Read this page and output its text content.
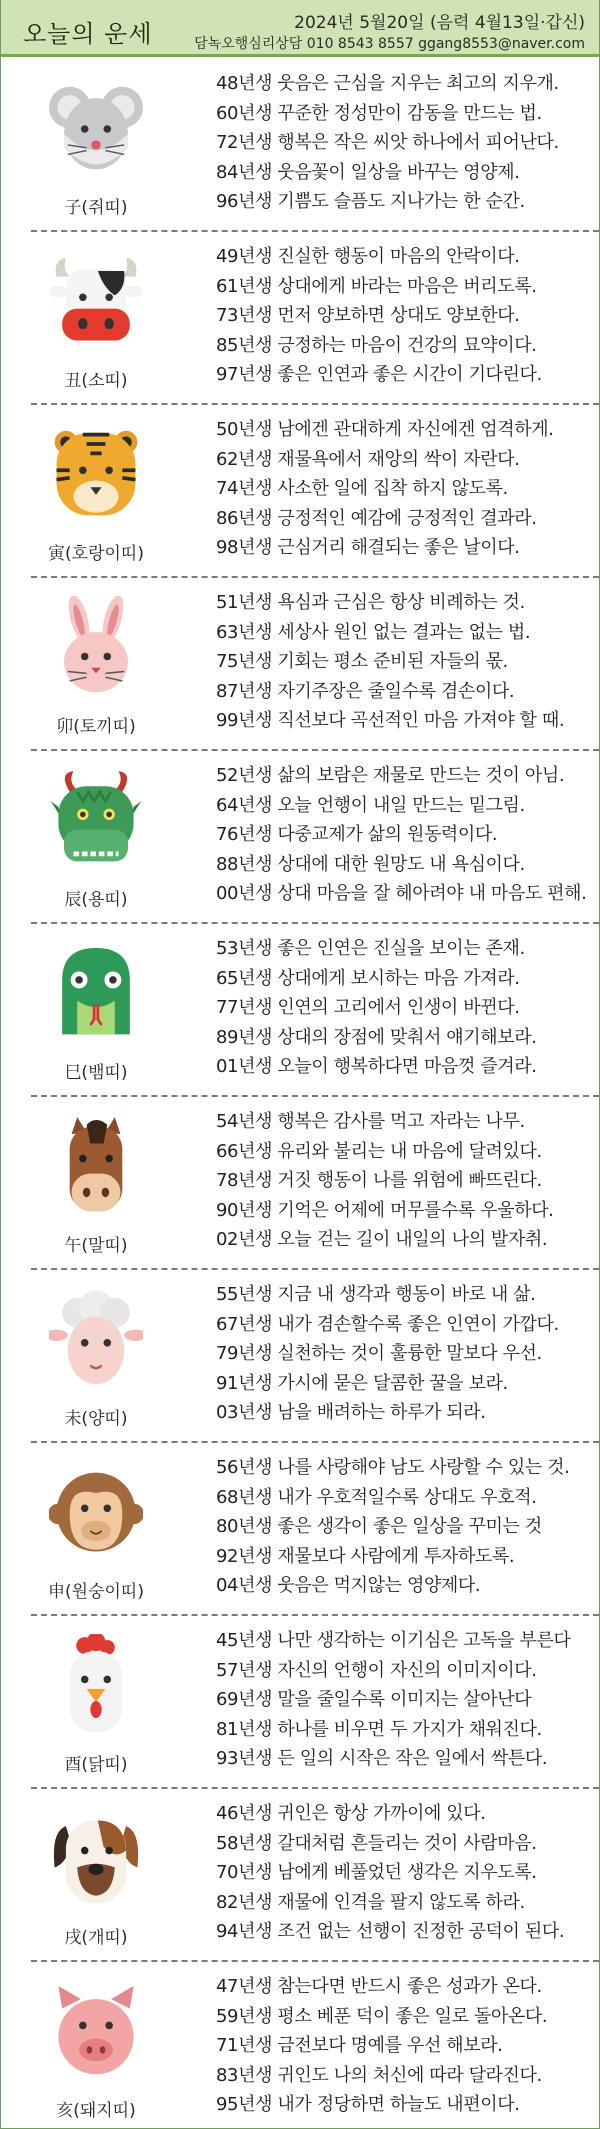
오늘의 운세	2024년 5월20일 (음력 4월13일·갑신)
담녹오행심리상담 010 8543 8557 ggang8553@naver.com
子(쥐띠)
48년생 웃음은 근심을 지우는 최고의 지우개.
60년생 꾸준한 정성만이 감동을 만드는 법.
72년생 행복은 작은 씨앗 하나에서 피어난다.
84년생 웃음꽃이 일상을 바꾸는 영양제.
96년생 기쁨도 슬픔도 지나가는 한 순간.
丑(소띠)
49년생 진실한 행동이 마음의 안락이다.
61년생 상대에게 바라는 마음은 버리도록.
73년생 먼저 양보하면 상대도 양보한다.
85년생 긍정하는 마음이 건강의 묘약이다.
97년생 좋은 인연과 좋은 시간이 기다린다.
寅(호랑이띠)
50년생 남에겐 관대하게 자신에겐 엄격하게.
62년생 재물욕에서 재앙의 싹이 자란다.
74년생 사소한 일에 집착 하지 않도록.
86년생 긍정적인 예감에 긍정적인 결과라.
98년생 근심거리 해결되는 좋은 날이다.
卯(토끼띠)
51년생 욕심과 근심은 항상 비례하는 것.
63년생 세상사 원인 없는 결과는 없는 법.
75년생 기회는 평소 준비된 자들의 몫.
87년생 자기주장은 줄일수록 겸손이다.
99년생 직선보다 곡선적인 마음 가져야 할 때.
辰(용띠)
52년생 삶의 보람은 재물로 만드는 것이 아님.
64년생 오늘 언행이 내일 만드는 밑그림.
76년생 다중교제가 삶의 원동력이다.
88년생 상대에 대한 원망도 내 욕심이다.
00년생 상대 마음을 잘 헤아려야 내 마음도 편해.
巳(뱀띠)
53년생 좋은 인연은 진실을 보이는 존재.
65년생 상대에게 보시하는 마음 가져라.
77년생 인연의 고리에서 인생이 바뀐다.
89년생 상대의 장점에 맞춰서 얘기해보라.
01년생 오늘이 행복하다면 마음껏 즐겨라.
午(말띠)
54년생 행복은 감사를 먹고 자라는 나무.
66년생 유리와 불리는 내 마음에 달려있다.
78년생 거짓 행동이 나를 위험에 빠뜨린다.
90년생 기억은 어제에 머무를수록 우울하다.
02년생 오늘 걷는 길이 내일의 나의 발자취.
未(양띠)
55년생 지금 내 생각과 행동이 바로 내 삶.
67년생 내가 겸손할수록 좋은 인연이 가깝다.
79년생 실천하는 것이 훌륭한 말보다 우선.
91년생 가시에 묻은 달콤한 꿀을 보라.
03년생 남을 배려하는 하루가 되라.
申(원숭이띠)
56년생 나를 사랑해야 남도 사랑할 수 있는 것.
68년생 내가 우호적일수록 상대도 우호적.
80년생 좋은 생각이 좋은 일상을 꾸미는 것
92년생 재물보다 사람에게 투자하도록.
04년생 웃음은 먹지않는 영양제다.
酉(닭띠)
45년생 나만 생각하는 이기심은 고독을 부른다
57년생 자신의 언행이 자신의 이미지이다.
69년생 말을 줄일수록 이미지는 살아난다
81년생 하나를 비우면 두 가지가 채워진다.
93년생 든 일의 시작은 작은 일에서 싹튼다.
戌(개띠)
46년생 귀인은 항상 가까이에 있다.
58년생 갈대처럼 흔들리는 것이 사람마음.
70년생 남에게 베풀었던 생각은 지우도록.
82년생 재물에 인격을 팔지 않도록 하라.
94년생 조건 없는 선행이 진정한 공덕이 된다.
亥(돼지띠)
47년생 참는다면 반드시 좋은 성과가 온다.
59년생 평소 베푼 덕이 좋은 일로 돌아온다.
71년생 금전보다 명예를 우선 해보라.
83년생 귀인도 나의 처신에 따라 달라진다.
95년생 내가 정당하면 하늘도 내편이다.
